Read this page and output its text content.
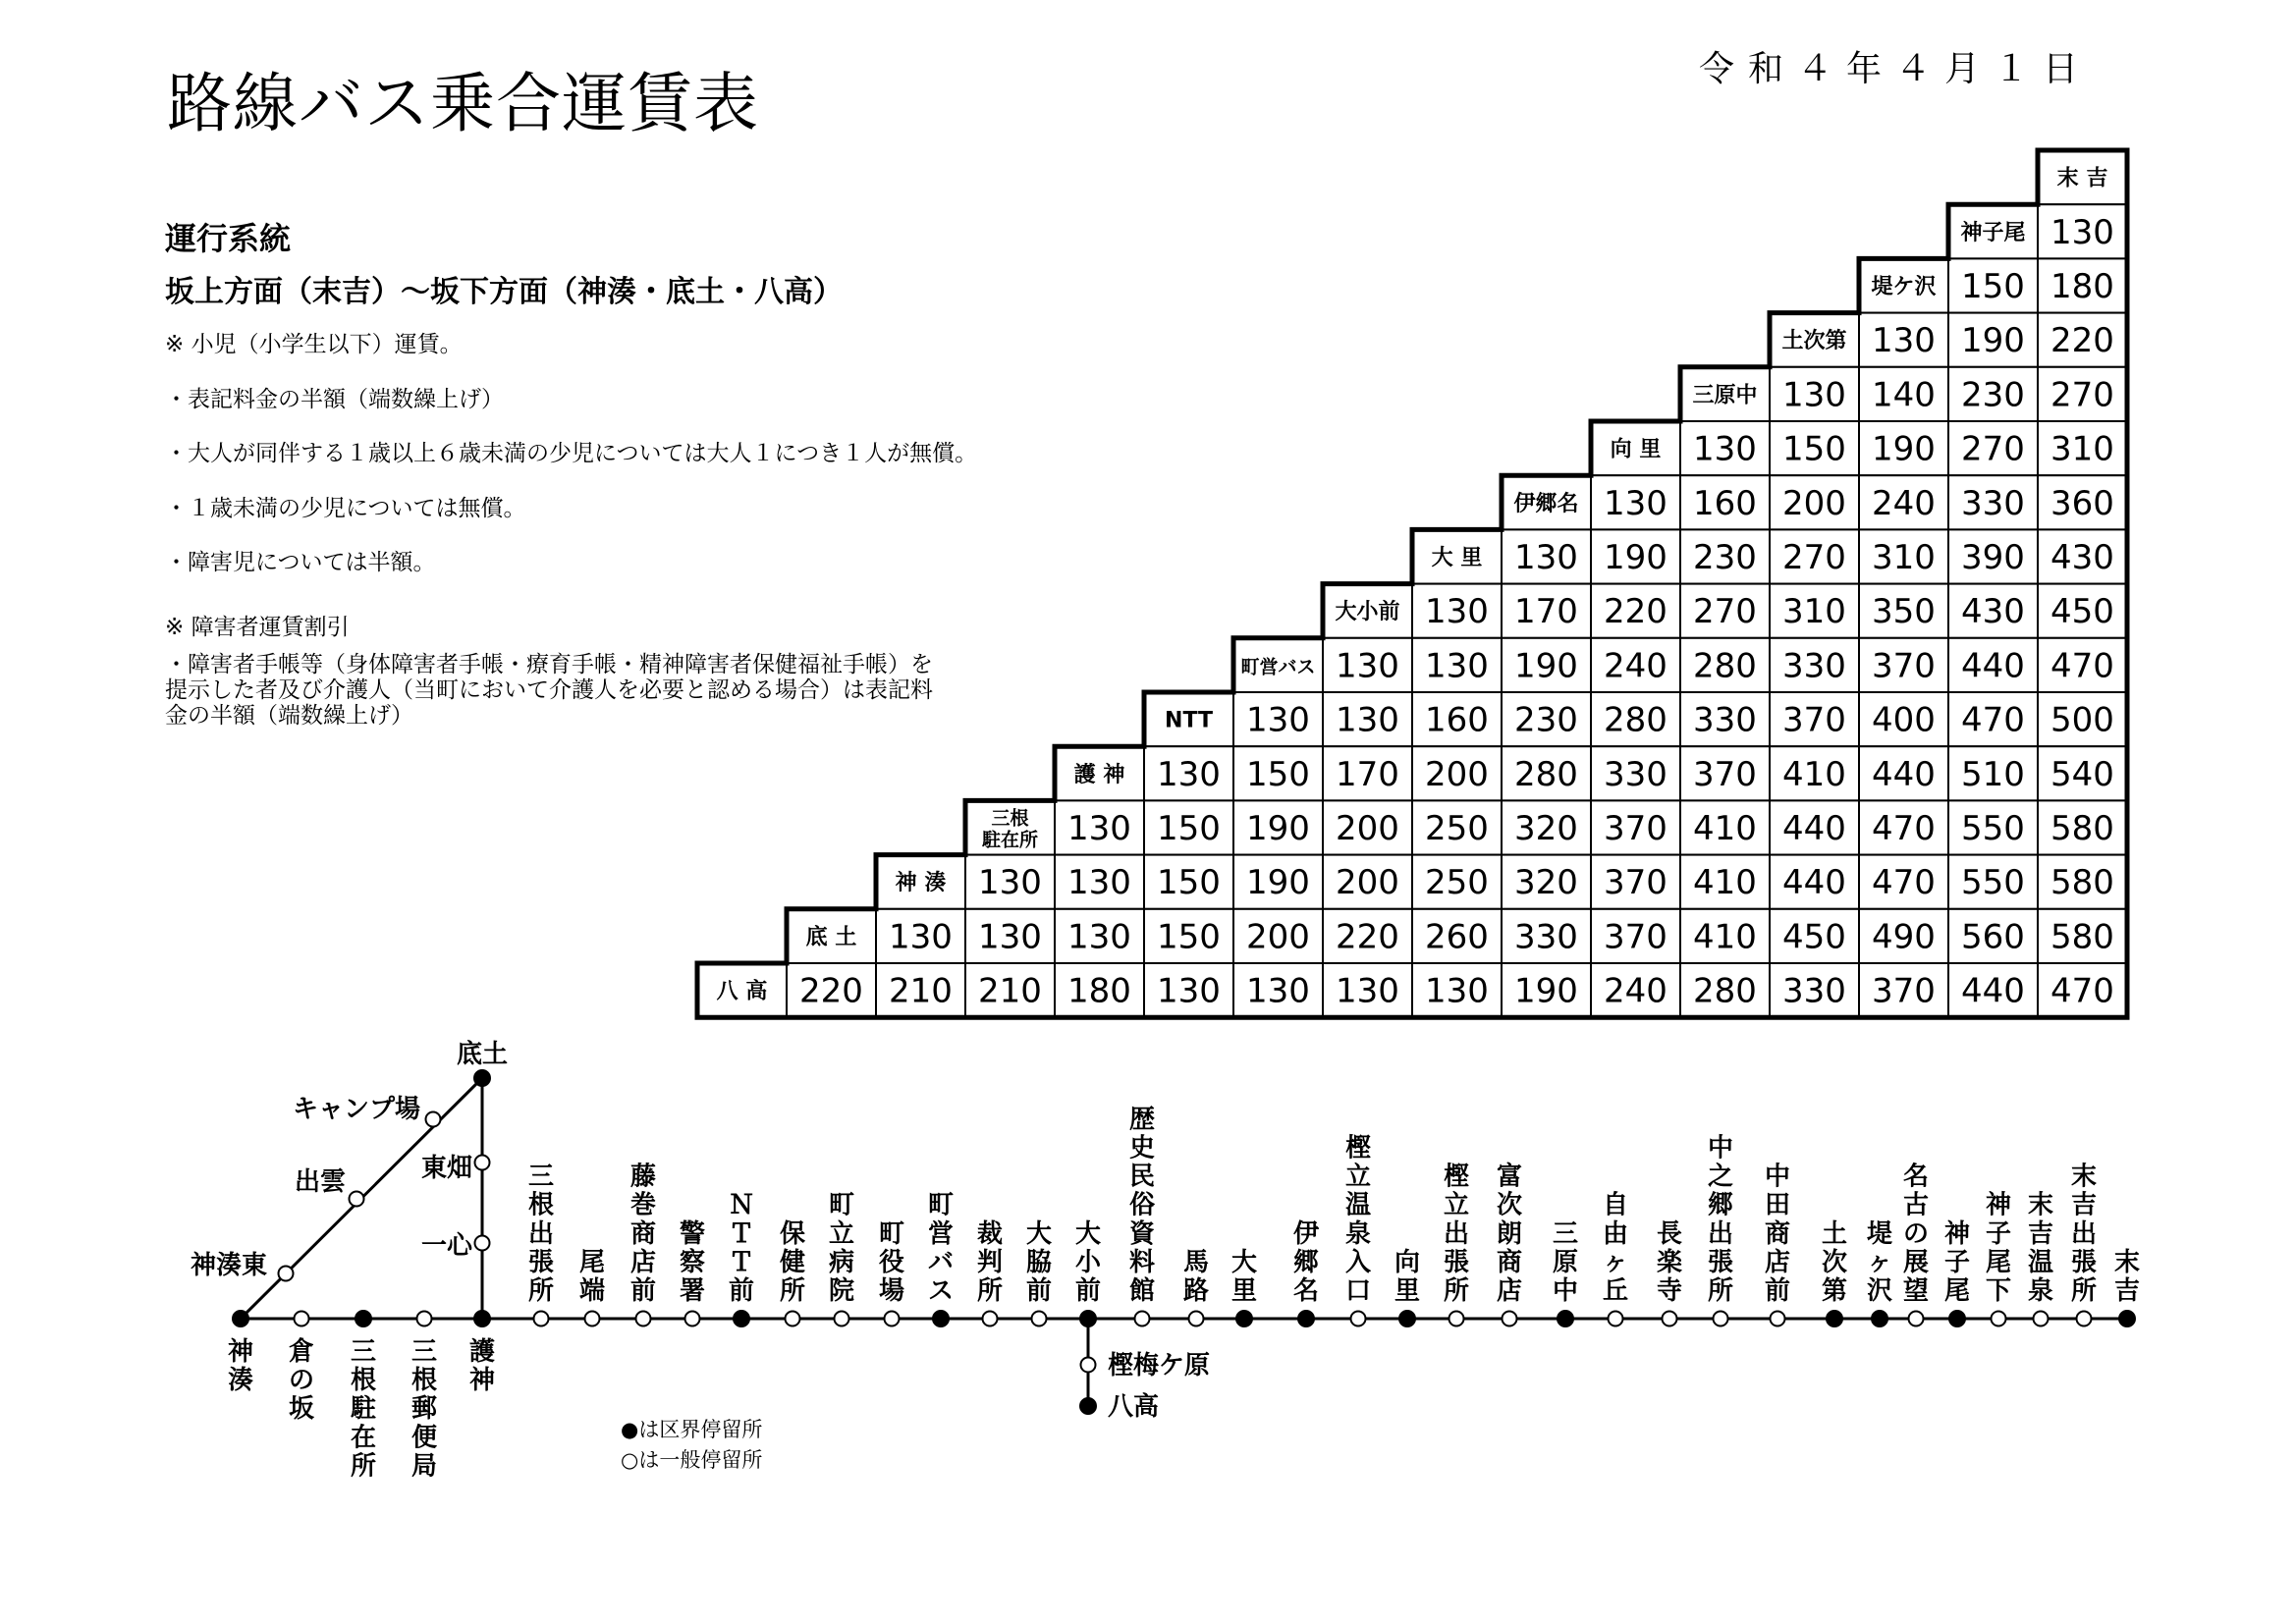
路線バス乗合運賃表	令和４年４月１日
運行系統
坂上方面（末吉）～坂下方面（神湊・底土・八高）
※ 小児（小学生以下）運賃。
・表記料金の半額（端数繰上げ）
・大人が同伴する１歳以上６歳未満の少児については大人１につき１人が無償。
・１歳未満の少児については無償。
・障害児については半額。
※ 障害者運賃割引
・障害者手帳等（身体障害者手帳・療育手帳・精神障害者保健福祉手帳）を提示した者及び介護人（当町において介護人を必要と認める場合）は表記料金の半額（端数繰上げ）
末 吉
神子尾 130
堤ケ沢 150 180
土次第 130 190 220
三原中 130 140 230 270
向 里 130 150 190 270 310
伊郷名 130 160 200 240 330 360
大 里 130 190 230 270 310 390 430
大小前 130 170 220 270 310 350 430 450
町営バス 130 130 190 240 280 330 370 440 470
NTT 130 130 160 230 280 330 370 400 470 500
護 神 130 150 170 200 280 330 370 410 440 510 540
三根
駐在所 130 150 190 200 250 320 370 410 440 470 550 580
神 湊 130 130 150 190 200 250 320 370 410 440 470 550 580
底 土 130 130 130 150 200 220 260 330 370 410 450 490 560 580
八 高 220 210 210 180 130 130 130 130 190 240 280 330 370 440 470
三根出張所
尾端
藤巻商店前
警察署
ＮＴＴ前
保健所
町立病院
町役場
町営バス
裁判所
大脇前
大小前
歴史民俗資料館
馬路
大里
伊郷名
樫立温泉入口
向里
樫立出張所
富次朗商店
三原中
自由ヶ丘
長楽寺
中之郷出張所
中田商店前
土次第
堤ヶ沢
名古の展望
神子尾
神子尾下
末吉温泉
末吉出張所
末吉
神湊
倉の坂
三根駐在所
三根郵便局
護神
神湊東
出雲
キャンプ場
底土
東畑
一心
樫梅ケ原
八高
●は区界停留所
○は一般停留所
